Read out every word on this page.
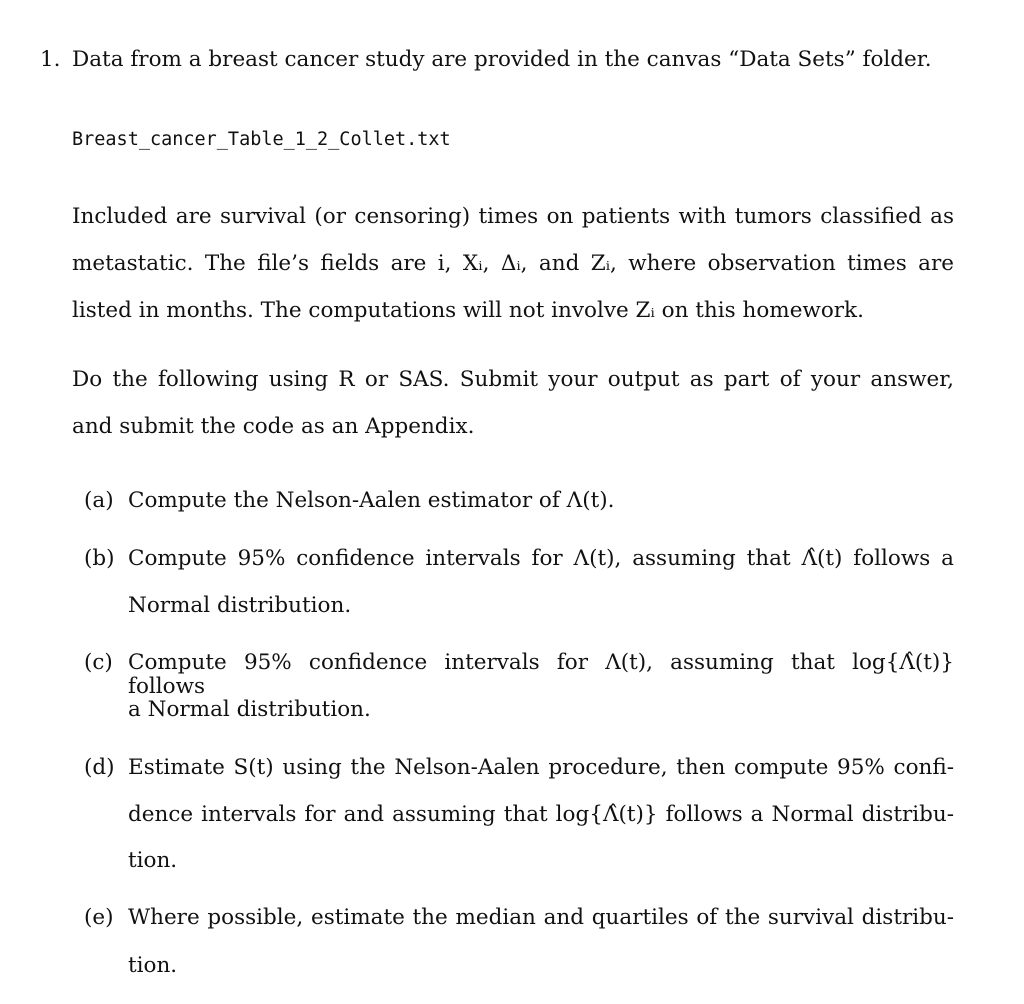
1. Data from a breast cancer study are provided in the canvas “Data Sets” folder.
Breast_cancer_Table_1_2_Collet.txt
Included are survival (or censoring) times on patients with tumors classified as
metastatic. The file’s fields are i, Xᵢ, Δᵢ, and Zᵢ, where observation times are
listed in months. The computations will not involve Zᵢ on this homework.
Do the following using R or SAS. Submit your output as part of your answer,
and submit the code as an Appendix.
(a) Compute the Nelson-Aalen estimator of Λ(t).
(b) Compute 95% confidence intervals for Λ(t), assuming that Λ̂(t) follows a
Normal distribution.
(c) Compute 95% confidence intervals for Λ(t), assuming that log{Λ̂(t)} follows
a Normal distribution.
(d) Estimate S(t) using the Nelson-Aalen procedure, then compute 95% confi-
dence intervals for and assuming that log{Λ̂(t)} follows a Normal distribu-
tion.
(e) Where possible, estimate the median and quartiles of the survival distribu-
tion.
